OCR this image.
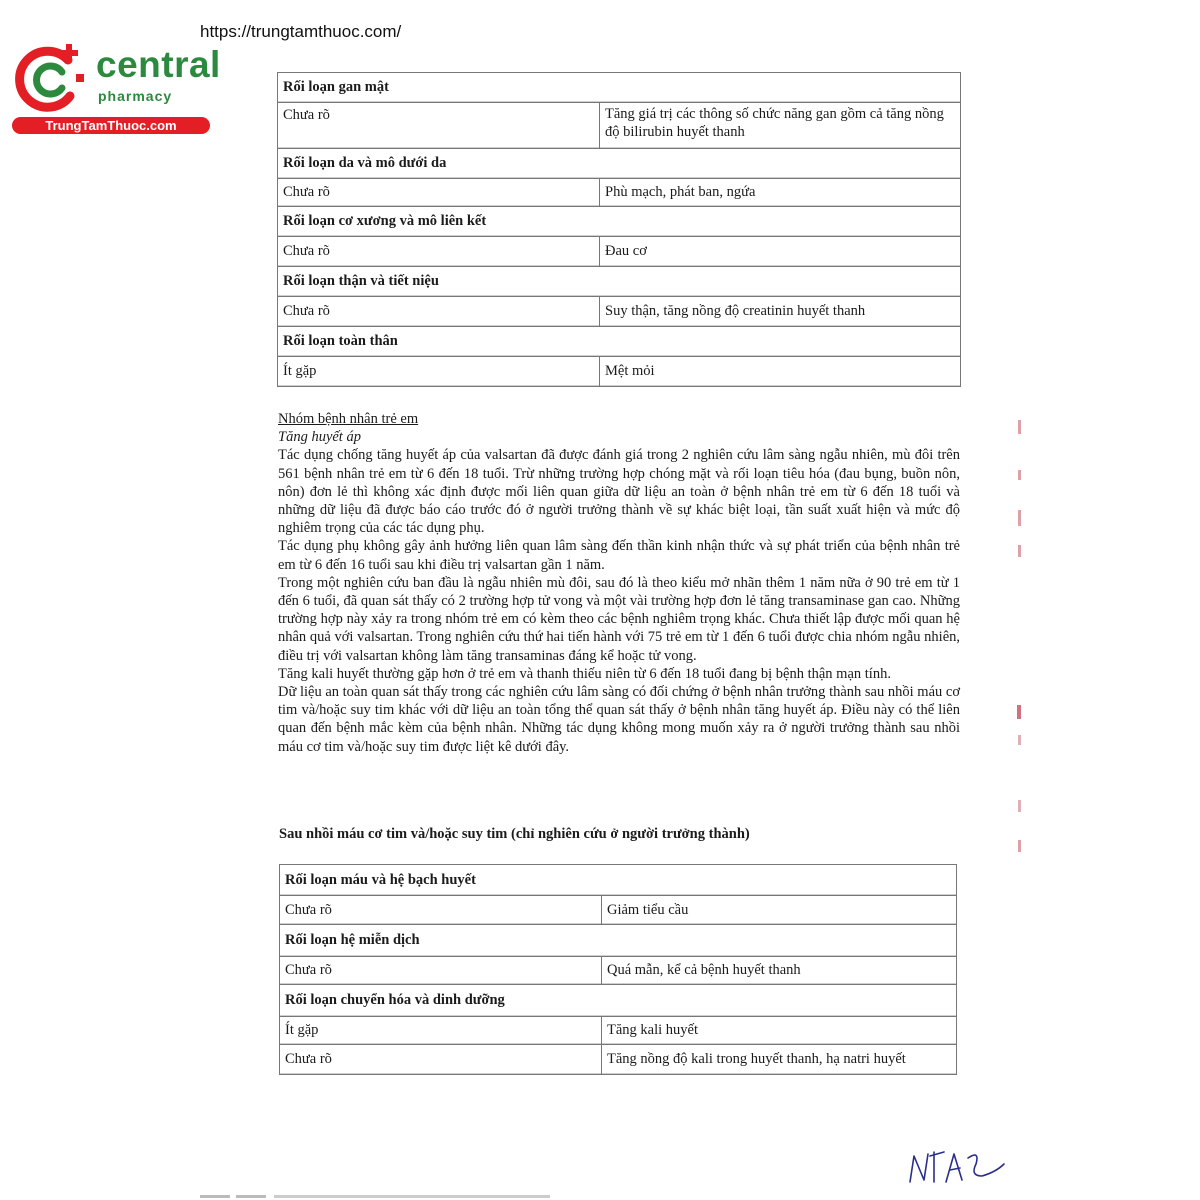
https://trungtamthuoc.com/
central
pharmacy
TrungTamThuoc.com
Rối loạn gan mật	
Chưa rõ	Tăng giá trị các thông số chức năng gan gồm cả tăng nồng độ bilirubin huyết thanh
Rối loạn da và mô dưới da	
Chưa rõ	Phù mạch, phát ban, ngứa
Rối loạn cơ xương và mô liên kết	
Chưa rõ	Đau cơ
Rối loạn thận và tiết niệu	
Chưa rõ	Suy thận, tăng nồng độ creatinin huyết thanh
Rối loạn toàn thân	
Ít gặp	Mệt mỏi
Nhóm bệnh nhân trẻ em
Tăng huyết áp

Tác dụng chống tăng huyết áp của valsartan đã được đánh giá trong 2 nghiên cứu lâm sàng ngẫu nhiên, mù đôi trên 561 bệnh nhân trẻ em từ 6 đến 18 tuổi. Trừ những trường hợp chóng mặt và rối loạn tiêu hóa (đau bụng, buồn nôn, nôn) đơn lẻ thì không xác định được mối liên quan giữa dữ liệu an toàn ở bệnh nhân trẻ em từ 6 đến 18 tuổi và những dữ liệu đã được báo cáo trước đó ở người trưởng thành về sự khác biệt loại, tần suất xuất hiện và mức độ nghiêm trọng của các tác dụng phụ.

Tác dụng phụ không gây ảnh hưởng liên quan lâm sàng đến thần kinh nhận thức và sự phát triển của bệnh nhân trẻ em từ 6 đến 16 tuổi sau khi điều trị valsartan gần 1 năm.

Trong một nghiên cứu ban đầu là ngẫu nhiên mù đôi, sau đó là theo kiểu mở nhãn thêm 1 năm nữa ở 90 trẻ em từ 1 đến 6 tuổi, đã quan sát thấy có 2 trường hợp tử vong và một vài trường hợp đơn lẻ tăng transaminase gan cao. Những trường hợp này xảy ra trong nhóm trẻ em có kèm theo các bệnh nghiêm trọng khác. Chưa thiết lập được mối quan hệ nhân quả với valsartan. Trong nghiên cứu thứ hai tiến hành với 75 trẻ em từ 1 đến 6 tuổi được chia nhóm ngẫu nhiên, điều trị với valsartan không làm tăng transaminas đáng kể hoặc tử vong.

Tăng kali huyết thường gặp hơn ở trẻ em và thanh thiếu niên từ 6 đến 18 tuổi đang bị bệnh thận mạn tính.

Dữ liệu an toàn quan sát thấy trong các nghiên cứu lâm sàng có đối chứng ở bệnh nhân trưởng thành sau nhồi máu cơ tim và/hoặc suy tim khác với dữ liệu an toàn tổng thể quan sát thấy ở bệnh nhân tăng huyết áp. Điều này có thể liên quan đến bệnh mắc kèm của bệnh nhân. Những tác dụng không mong muốn xảy ra ở người trưởng thành sau nhồi máu cơ tim và/hoặc suy tim được liệt kê dưới đây.

Sau nhồi máu cơ tim và/hoặc suy tim (chỉ nghiên cứu ở người trưởng thành)
Rối loạn máu và hệ bạch huyết	
Chưa rõ	Giảm tiểu cầu
Rối loạn hệ miễn dịch	
Chưa rõ	Quá mẫn, kể cả bệnh huyết thanh
Rối loạn chuyển hóa và dinh dưỡng	
Ít gặp	Tăng kali huyết
Chưa rõ	Tăng nồng độ kali trong huyết thanh, hạ natri huyết
